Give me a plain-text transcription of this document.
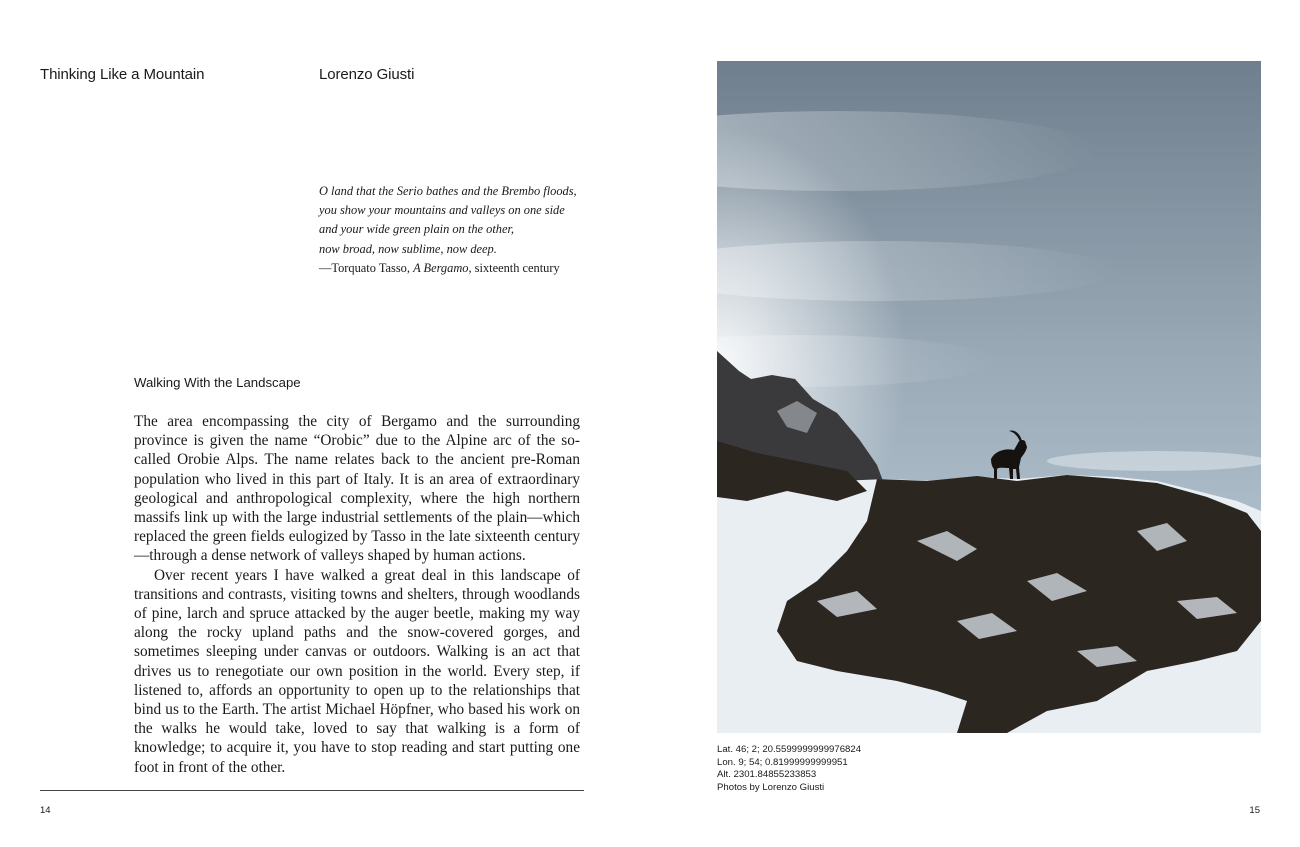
Thinking Like a Mountain	Lorenzo Giusti
O land that the Serio bathes and the Brembo floods,
you show your mountains and valleys on one side
and your wide green plain on the other,
now broad, now sublime, now deep.
—Torquato Tasso, A Bergamo, sixteenth century
Walking With the Landscape

The area encompassing the city of Bergamo and the surrounding province is given the name “Orobic” due to the Alpine arc of the so-called Orobie Alps. The name relates back to the ancient pre-Roman population who lived in this part of Italy. It is an area of extraordinary geological and anthropological complexity, where the high northern massifs link up with the large industrial settlements of the plain—which replaced the green fields eulogized by Tasso in the late sixteenth century—through a dense network of valleys shaped by human actions.

Over recent years I have walked a great deal in this landscape of transitions and contrasts, visiting towns and shelters, through woodlands of pine, larch and spruce attacked by the auger beetle, making my way along the rocky upland paths and the snow-covered gorges, and sometimes sleeping under canvas or outdoors. Walking is an act that drives us to renegotiate our own position in the world. Every step, if listened to, affords an opportunity to open up to the relationships that bind us to the Earth. The artist Michael Höpfner, who based his work on the walks he would take, loved to say that walking is a form of knowledge; to acquire it, you have to stop reading and start putting one foot in front of the other.

14	15
Lat. 46; 2; 20.5599999999976824
Lon. 9; 54; 0.81999999999951
Alt. 2301.84855233853
Photos by Lorenzo Giusti
